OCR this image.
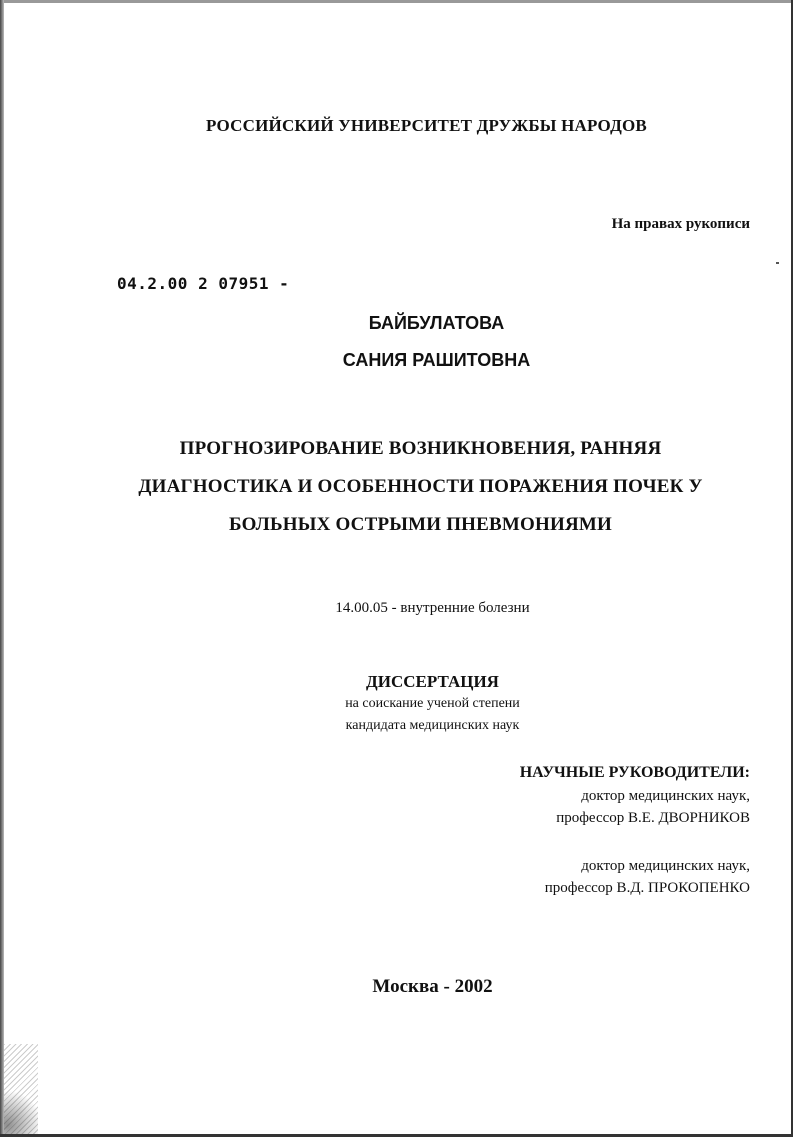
РОССИЙСКИЙ УНИВЕРСИТЕТ ДРУЖБЫ НАРОДОВ

На правах рукописи

04.2.00 2 07951 -

БАЙБУЛАТОВА

САНИЯ РАШИТОВНА

ПРОГНОЗИРОВАНИЕ ВОЗНИКНОВЕНИЯ, РАННЯЯ

ДИАГНОСТИКА И ОСОБЕННОСТИ ПОРАЖЕНИЯ ПОЧЕК У

БОЛЬНЫХ ОСТРЫМИ ПНЕВМОНИЯМИ

14.00.05 - внутренние болезни

ДИССЕРТАЦИЯ

на соискание ученой степени

кандидата медицинских наук

НАУЧНЫЕ РУКОВОДИТЕЛИ:

доктор медицинских наук,

профессор В.Е. ДВОРНИКОВ

доктор медицинских наук,

профессор В.Д. ПРОКОПЕНКО

Москва - 2002
